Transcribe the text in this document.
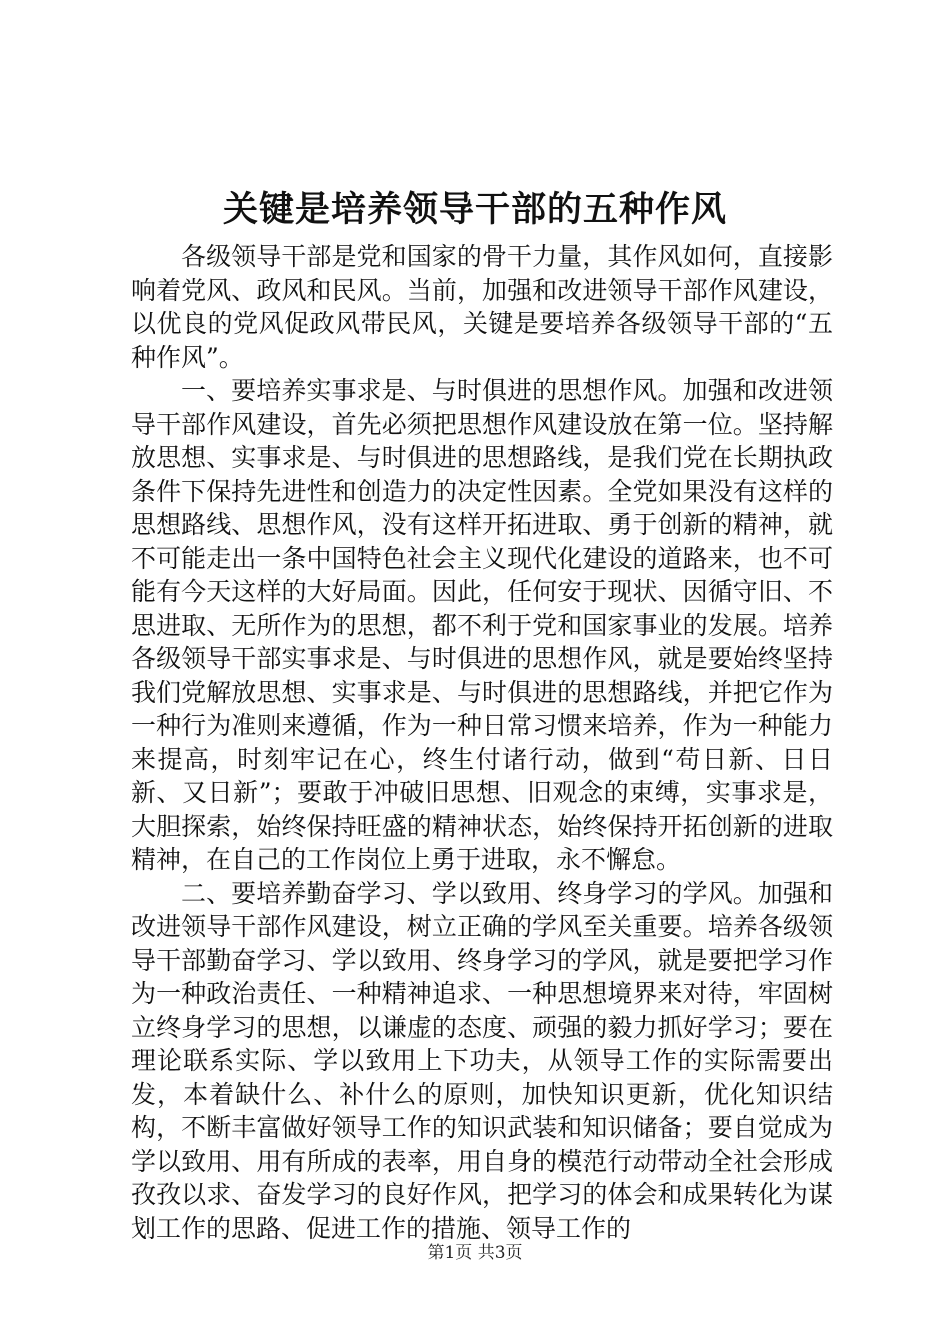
关键是培养领导干部的五种作风

各级领导干部是党和国家的骨干力量，其作风如何，直接影响着党风、政风和民风。当前，加强和改进领导干部作风建设，以优良的党风促政风带民风，关键是要培养各级领导干部的“五种作风”。

一、要培养实事求是、与时俱进的思想作风。加强和改进领导干部作风建设，首先必须把思想作风建设放在第一位。坚持解放思想、实事求是、与时俱进的思想路线，是我们党在长期执政条件下保持先进性和创造力的决定性因素。全党如果没有这样的思想路线、思想作风，没有这样开拓进取、勇于创新的精神，就不可能走出一条中国特色社会主义现代化建设的道路来，也不可能有今天这样的大好局面。因此，任何安于现状、因循守旧、不思进取、无所作为的思想，都不利于党和国家事业的发展。培养各级领导干部实事求是、与时俱进的思想作风，就是要始终坚持我们党解放思想、实事求是、与时俱进的思想路线，并把它作为一种行为准则来遵循，作为一种日常习惯来培养，作为一种能力来提高，时刻牢记在心，终生付诸行动，做到“苟日新、日日新、又日新”；要敢于冲破旧思想、旧观念的束缚，实事求是，大胆探索，始终保持旺盛的精神状态，始终保持开拓创新的进取精神，在自己的工作岗位上勇于进取，永不懈怠。

二、要培养勤奋学习、学以致用、终身学习的学风。加强和改进领导干部作风建设，树立正确的学风至关重要。培养各级领导干部勤奋学习、学以致用、终身学习的学风，就是要把学习作为一种政治责任、一种精神追求、一种思想境界来对待，牢固树立终身学习的思想，以谦虚的态度、顽强的毅力抓好学习；要在理论联系实际、学以致用上下功夫，从领导工作的实际需要出发，本着缺什么、补什么的原则，加快知识更新，优化知识结构，不断丰富做好领导工作的知识武装和知识储备；要自觉成为学以致用、用有所成的表率，用自身的模范行动带动全社会形成孜孜以求、奋发学习的良好作风，把学习的体会和成果转化为谋划工作的思路、促进工作的措施、领导工作的

第1页 共3页
